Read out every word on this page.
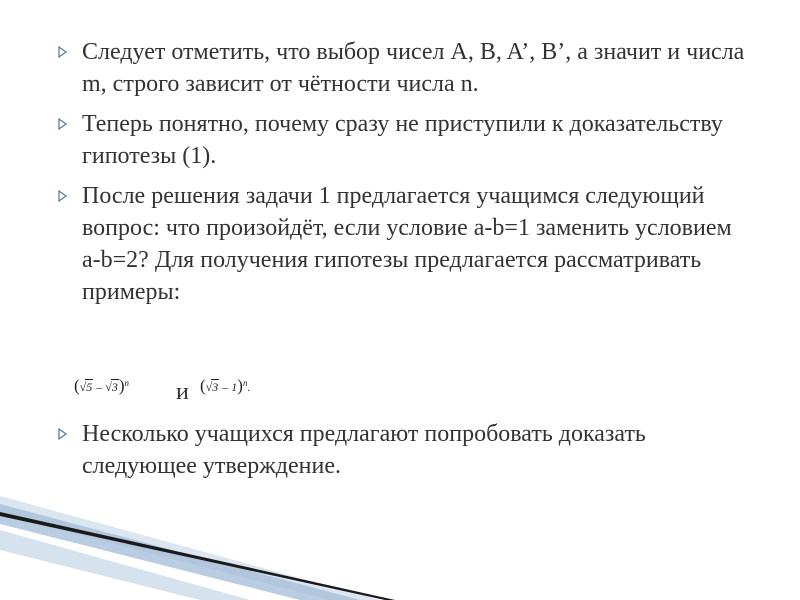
Следует отметить, что выбор чисел A, B, A’, B’, а значит и числа m, строго зависит от чётности числа n.
Теперь понятно, почему сразу не приступили к доказательству гипотезы (1).
После решения задачи 1 предлагается учащимся следующий вопрос: что произойдёт, если условие a-b=1 заменить условием a-b=2? Для получения гипотезы предлагается рассматривать примеры:
(√5 – √3)$^n$ и (√3 – 1)$^n$.
Несколько учащихся предлагают попробовать доказать следующее утверждение.
